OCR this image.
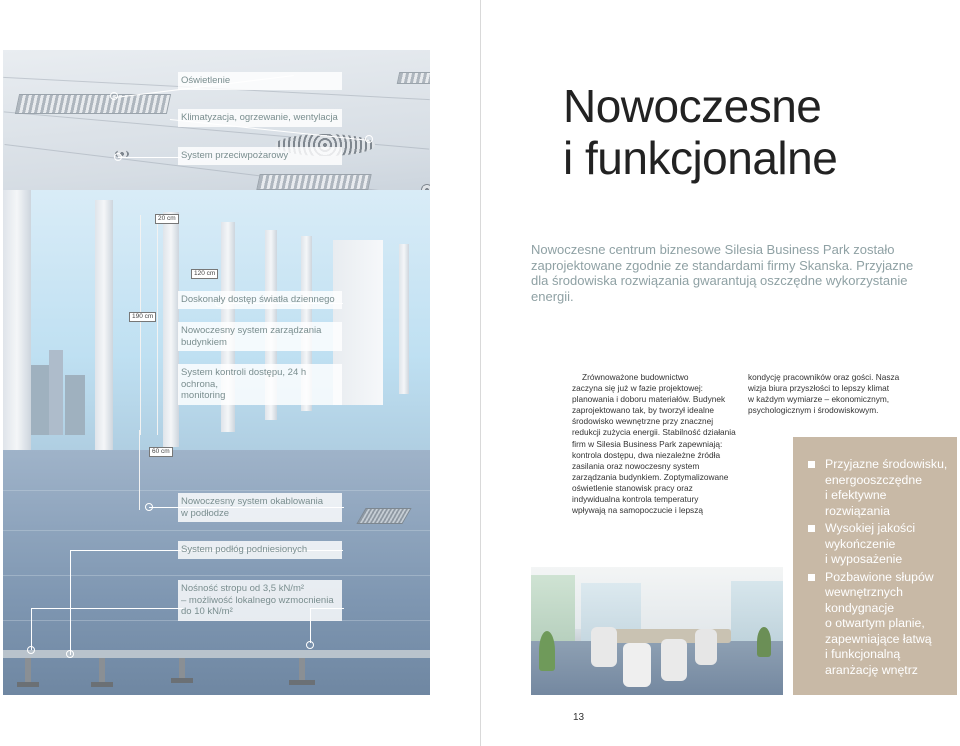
20 cm
120 cm
190 cm
60 cm
Oświetlenie
Klimatyzacja, ogrzewanie, wentylacja
System przeciwpożarowy
Doskonały dostęp światła dziennego
Nowoczesny system zarządzania
budynkiem
System kontroli dostępu, 24 h ochrona,
monitoring
Nowoczesny system okablowania
w podłodze
System podłóg podniesionych
Nośność stropu od 3,5 kN/m²
– możliwość lokalnego wzmocnienia
do 10 kN/m²
Nowoczesne
i funkcjonalne
Nowoczesne centrum biznesowe Silesia Business Park zostało
zaprojektowane zgodnie ze standardami firmy Skanska. Przyjazne
dla środowiska rozwiązania gwarantują oszczędne wykorzystanie energii.
Zrównoważone budownictwo
zaczyna się już w fazie projektowej:
planowania i doboru materiałów. Budynek
zaprojektowano tak, by tworzył idealne
środowisko wewnętrzne przy znacznej
redukcji zużycia energii. Stabilność działania
firm w Silesia Business Park zapewniają:
kontrola dostępu, dwa niezależne źródła
zasilania oraz nowoczesny system
zarządzania budynkiem. Zoptymalizowane
oświetlenie stanowisk pracy oraz
indywidualna kontrola temperatury
wpływają na samopoczucie i lepszą
kondycję pracowników oraz gości. Nasza
wizja biura przyszłości to lepszy klimat
w każdym wymiarze – ekonomicznym,
psychologicznym i środowiskowym.
Przyjazne środowisku,
energooszczędne
i efektywne
rozwiązania
Wysokiej jakości
wykończenie
i wyposażenie
Pozbawione słupów
wewnętrznych
kondygnacje
o otwartym planie,
zapewniające łatwą
i funkcjonalną
aranżację wnętrz
13
